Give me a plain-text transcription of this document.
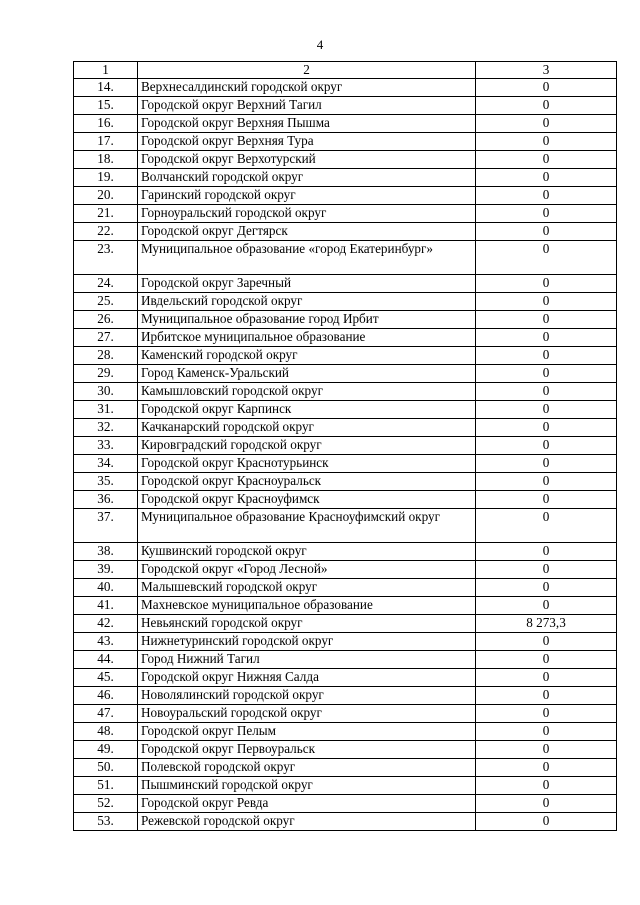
4
1	2	3
14.	Верхнесалдинский городской округ	0
15.	Городской округ Верхний Тагил	0
16.	Городской округ Верхняя Пышма	0
17.	Городской округ Верхняя Тура	0
18.	Городской округ Верхотурский	0
19.	Волчанский городской округ	0
20.	Гаринский городской округ	0
21.	Горноуральский городской округ	0
22.	Городской округ Дегтярск	0
23.	Муниципальное образование «город Екатеринбург»	0
24.	Городской округ Заречный	0
25.	Ивдельский городской округ	0
26.	Муниципальное образование город Ирбит	0
27.	Ирбитское муниципальное образование	0
28.	Каменский городской округ	0
29.	Город Каменск-Уральский	0
30.	Камышловский городской округ	0
31.	Городской округ Карпинск	0
32.	Качканарский городской округ	0
33.	Кировградский городской округ	0
34.	Городской округ Краснотурьинск	0
35.	Городской округ Красноуральск	0
36.	Городской округ Красноуфимск	0
37.	Муниципальное образование Красноуфимский округ	0
38.	Кушвинский городской округ	0
39.	Городской округ «Город Лесной»	0
40.	Малышевский городской округ	0
41.	Махневское муниципальное образование	0
42.	Невьянский городской округ	8 273,3
43.	Нижнетуринский городской округ	0
44.	Город Нижний Тагил	0
45.	Городской округ Нижняя Салда	0
46.	Новолялинский городской округ	0
47.	Новоуральский городской округ	0
48.	Городской округ Пелым	0
49.	Городской округ Первоуральск	0
50.	Полевской городской округ	0
51.	Пышминский городской округ	0
52.	Городской округ Ревда	0
53.	Режевской городской округ	0
